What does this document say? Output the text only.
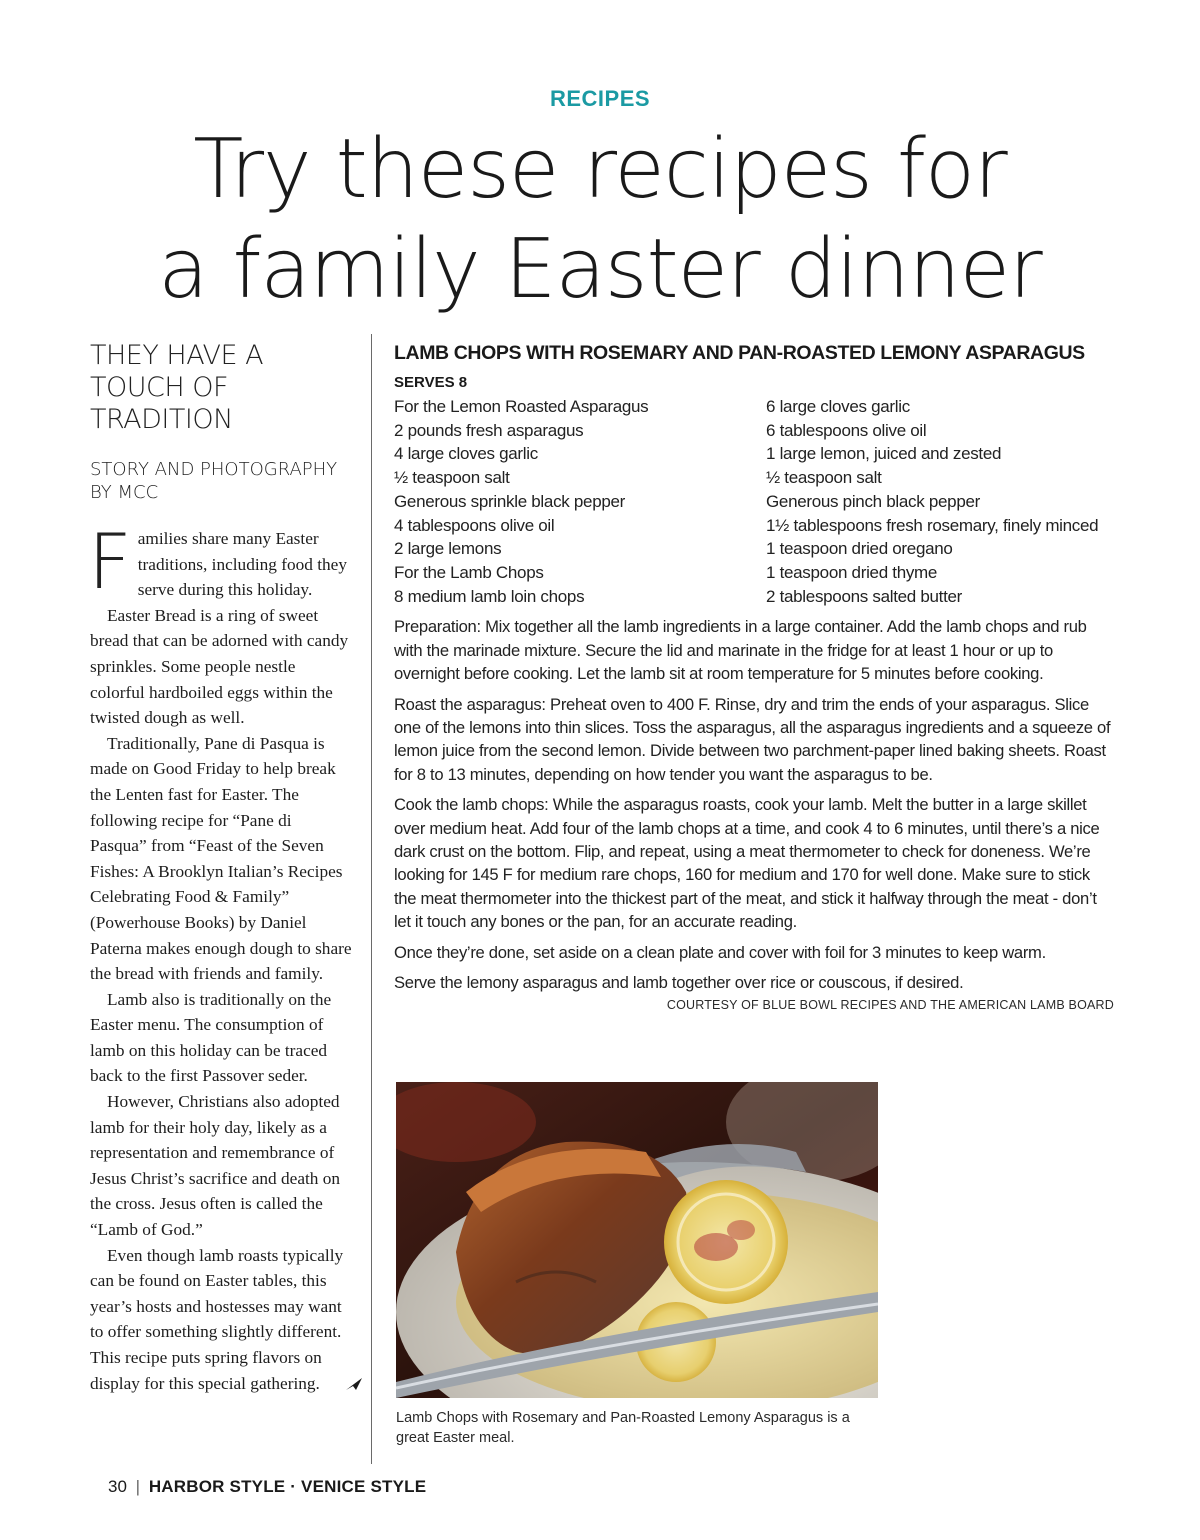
RECIPES
Try these recipes for
a family Easter dinner
THEY HAVE A TOUCH OF TRADITION
STORY AND PHOTOGRAPHY BY MCC

Families share many Easter traditions, including food they serve during this holiday.

Easter Bread is a ring of sweet bread that can be adorned with candy sprinkles. Some people nestle colorful hardboiled eggs within the twisted dough as well.

Traditionally, Pane di Pasqua is made on Good Friday to help break the Lenten fast for Easter. The following recipe for “Pane di Pasqua” from “Feast of the Seven Fishes: A Brooklyn Italian’s Recipes Celebrating Food & Family” (Powerhouse Books) by Daniel Paterna makes enough dough to share the bread with friends and family.

Lamb also is traditionally on the Easter menu. The consumption of lamb on this holiday can be traced back to the first Passover seder.

However, Christians also adopted lamb for their holy day, likely as a representation and remembrance of Jesus Christ’s sacrifice and death on the cross. Jesus often is called the “Lamb of God.”

Even though lamb roasts typically can be found on Easter tables, this year’s hosts and hostesses may want to offer something slightly different. This recipe puts spring flavors on display for this special gathering.

LAMB CHOPS WITH ROSEMARY AND PAN-ROASTED LEMONY ASPARAGUS
SERVES 8
For the Lemon Roasted Asparagus
2 pounds fresh asparagus
4 large cloves garlic
½ teaspoon salt
Generous sprinkle black pepper
4 tablespoons olive oil
2 large lemons
For the Lamb Chops
8 medium lamb loin chops
6 large cloves garlic
6 tablespoons olive oil
1 large lemon, juiced and zested
½ teaspoon salt
Generous pinch black pepper
1½ tablespoons fresh rosemary, finely minced
1 teaspoon dried oregano
1 teaspoon dried thyme
2 tablespoons salted butter

Preparation: Mix together all the lamb ingredients in a large container. Add the lamb chops and rub with the marinade mixture. Secure the lid and marinate in the fridge for at least 1 hour or up to overnight before cooking. Let the lamb sit at room temperature for 5 minutes before cooking.

Roast the asparagus: Preheat oven to 400 F. Rinse, dry and trim the ends of your asparagus. Slice one of the lemons into thin slices. Toss the asparagus, all the asparagus ingredients and a squeeze of lemon juice from the second lemon. Divide between two parchment-paper lined baking sheets. Roast for 8 to 13 minutes, depending on how tender you want the asparagus to be.

Cook the lamb chops: While the asparagus roasts, cook your lamb. Melt the butter in a large skillet over medium heat. Add four of the lamb chops at a time, and cook 4 to 6 minutes, until there’s a nice dark crust on the bottom. Flip, and repeat, using a meat thermometer to check for doneness. We’re looking for 145 F for medium rare chops, 160 for medium and 170 for well done. Make sure to stick the meat thermometer into the thickest part of the meat, and stick it halfway through the meat - don’t let it touch any bones or the pan, for an accurate reading.

Once they’re done, set aside on a clean plate and cover with foil for 3 minutes to keep warm.

Serve the lemony asparagus and lamb together over rice or couscous, if desired.

COURTESY OF BLUE BOWL RECIPES AND THE AMERICAN LAMB BOARD
Lamb Chops with Rosemary and Pan-Roasted Lemony Asparagus is a great Easter meal.
30 | HARBOR STYLE · VENICE STYLE
